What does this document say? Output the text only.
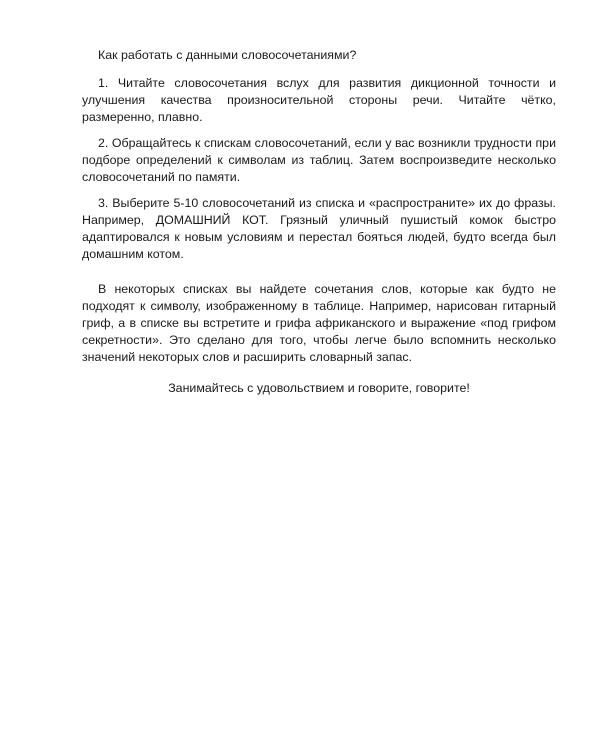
Как работать с данными словосочетаниями?

1. Читайте словосочетания вслух для развития дикционной точности и улучшения качества произносительной стороны речи. Читайте чётко, размеренно, плавно.

2. Обращайтесь к спискам словосочетаний, если у вас возникли трудности при подборе определений к символам из таблиц. Затем воспроизведите несколько словосочетаний по памяти.

3. Выберите 5-10 словосочетаний из списка и «распространите» их до фразы. Например, ДОМАШНИЙ КОТ. Грязный уличный пушистый комок быстро адаптировался к новым условиям и перестал бояться людей, будто всегда был домашним котом.

В некоторых списках вы найдете сочетания слов, которые как будто не подходят к символу, изображенному в таблице. Например, нарисован гитарный гриф, а в списке вы встретите и грифа африканского и выражение «под грифом секретности». Это сделано для того, чтобы легче было вспомнить несколько значений некоторых слов и расширить словарный запас.

Занимайтесь с удовольствием и говорите, говорите!
